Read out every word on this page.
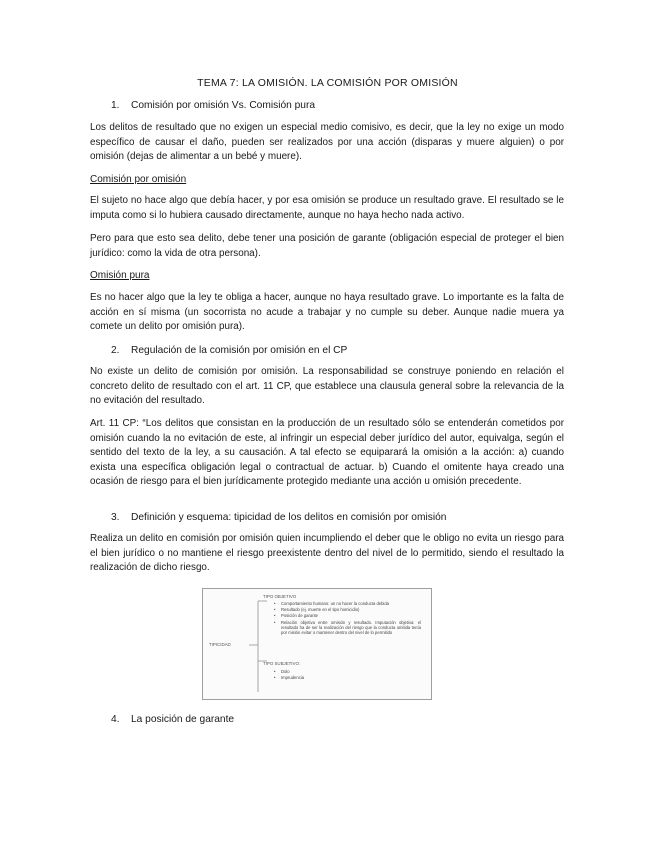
TEMA 7: LA OMISIÓN. LA COMISIÓN POR OMISIÓN
1. Comisión por omisión Vs. Comisión pura
Los delitos de resultado que no exigen un especial medio comisivo, es decir, que la ley no exige un modo específico de causar el daño, pueden ser realizados por una acción (disparas y muere alguien) o por omisión (dejas de alimentar a un bebé y muere).
Comisión por omisión
El sujeto no hace algo que debía hacer, y por esa omisión se produce un resultado grave. El resultado se le imputa como si lo hubiera causado directamente, aunque no haya hecho nada activo.
Pero para que esto sea delito, debe tener una posición de garante (obligación especial de proteger el bien jurídico: como la vida de otra persona).
Omisión pura
Es no hacer algo que la ley te obliga a hacer, aunque no haya resultado grave. Lo importante es la falta de acción en sí misma (un socorrista no acude a trabajar y no cumple su deber. Aunque nadie muera ya comete un delito por omisión pura).
2. Regulación de la comisión por omisión en el CP
No existe un delito de comisión por omisión. La responsabilidad se construye poniendo en relación el concreto delito de resultado con el art. 11 CP, que establece una clausula general sobre la relevancia de la no evitación del resultado.
Art. 11 CP: “Los delitos que consistan en la producción de un resultado sólo se entenderán cometidos por omisión cuando la no evitación de este, al infringir un especial deber jurídico del autor, equivalga, según el sentido del texto de la ley, a su causación. A tal efecto se equiparará la omisión a la acción: a) cuando exista una específica obligación legal o contractual de actuar. b) Cuando el omitente haya creado una ocasión de riesgo para el bien jurídicamente protegido mediante una acción u omisión precedente.
3. Definición y esquema: tipicidad de los delitos en comisión por omisión
Realiza un delito en comisión por omisión quien incumpliendo el deber que le obligo no evita un riesgo para el bien jurídico o no mantiene el riesgo preexistente dentro del nivel de lo permitido, siendo el resultado la realización de dicho riesgo.
TIPICIDAD
TIPO OBJETIVO
• Comportamiento humano: un no hacer la conducta debida
• Resultado (ej. muerte en el tipo homicidio)
• Posición de garante
• Relación objetiva entre omisión y resultado. Imputación objetiva: el resultado ha de ser la realización del riesgo que la conducta omitida tenía por misión evitar o mantener dentro del nivel de lo permitido
TIPO SUBJETIVO:
• Dolo
• Imprudencia
4. La posición de garante
